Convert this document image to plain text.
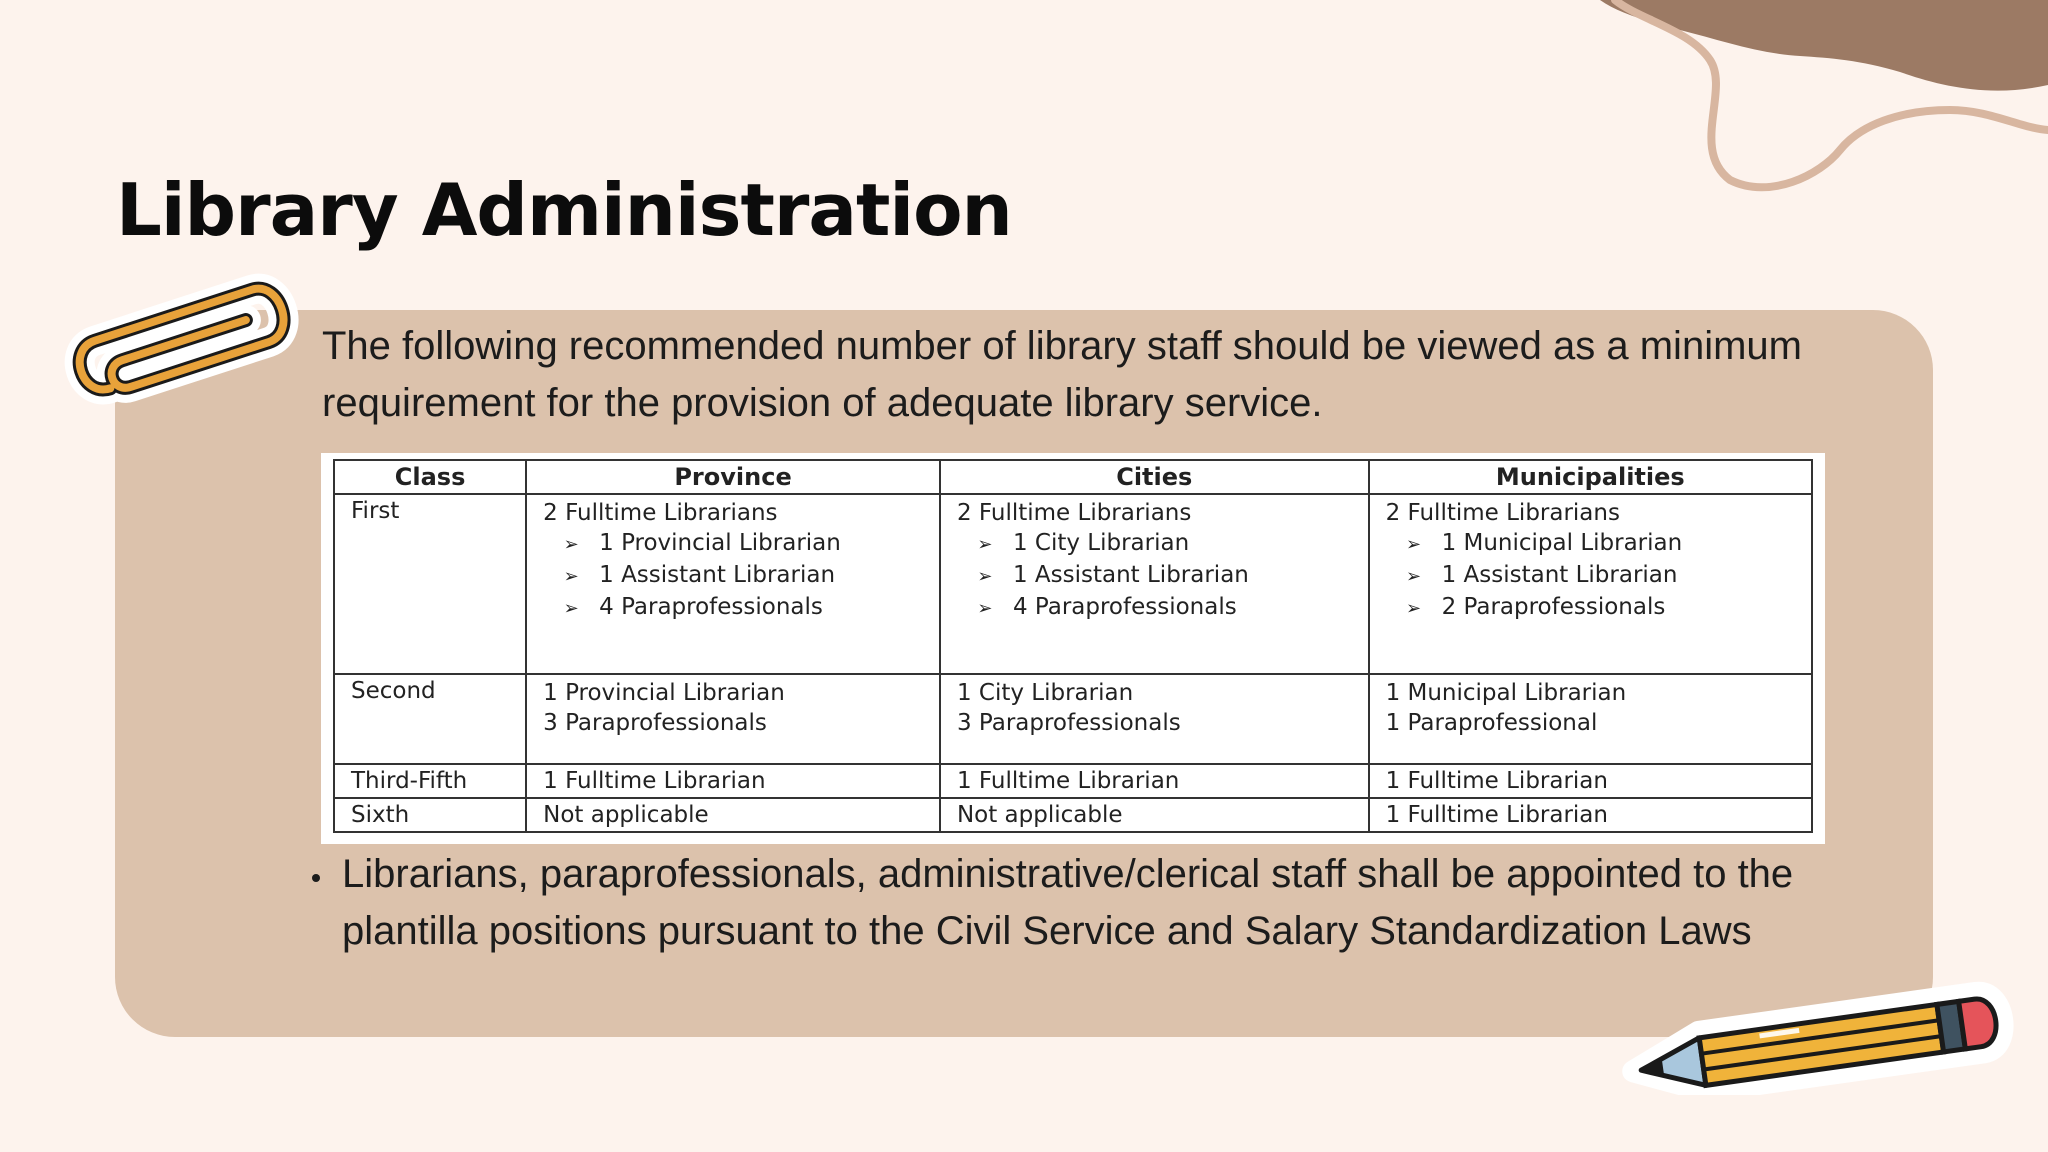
Library Administration

The following recommended number of library staff should be viewed as a minimum requirement for the provision of adequate library service.

Class	Province	Cities	Municipalities
First	2 Fulltime Librarians
➢ 1 Provincial Librarian
➢ 1 Assistant Librarian
➢ 4 Paraprofessionals	2 Fulltime Librarians
➢ 1 City Librarian
➢ 1 Assistant Librarian
➢ 4 Paraprofessionals	2 Fulltime Librarians
➢ 1 Municipal Librarian
➢ 1 Assistant Librarian
➢ 2 Paraprofessionals

Second	1 Provincial Librarian
3 Paraprofessionals	1 City Librarian
3 Paraprofessionals	1 Municipal Librarian
1 Paraprofessional

Third-Fifth	1 Fulltime Librarian	1 Fulltime Librarian	1 Fulltime Librarian
Sixth	Not applicable	Not applicable	1 Fulltime Librarian

Librarians, paraprofessionals, administrative/clerical staff shall be appointed to the plantilla positions pursuant to the Civil Service and Salary Standardization Laws
